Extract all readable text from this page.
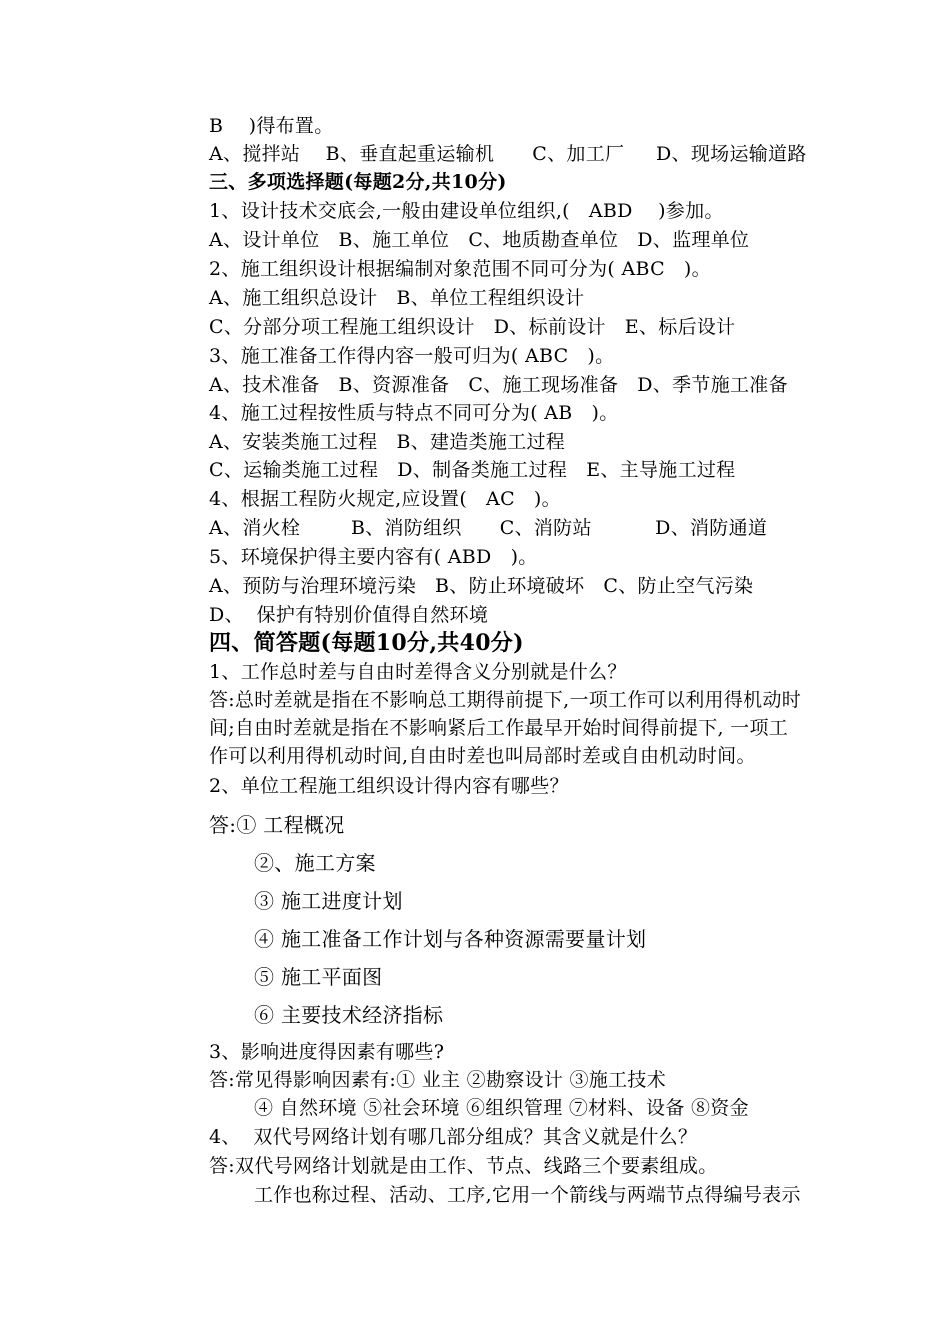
B    )得布置。
A、搅拌站    B、垂直起重运输机      C、加工厂     D、现场运输道路
三、多项选择题(每题2分,共10分)
1、设计技术交底会,一般由建设单位组织,(   ABD    )参加。
A、设计单位   B、施工单位   C、地质勘查单位   D、监理单位
2、施工组织设计根据编制对象范围不同可分为( ABC   )。
A、施工组织总设计   B、单位工程组织设计
C、分部分项工程施工组织设计   D、标前设计   E、标后设计
3、施工准备工作得内容一般可归为( ABC   )。
A、技术准备   B、资源准备   C、施工现场准备   D、季节施工准备
4、施工过程按性质与特点不同可分为( AB   )。
A、安装类施工过程   B、建造类施工过程
C、运输类施工过程   D、制备类施工过程   E、主导施工过程
4、根据工程防火规定,应设置(   AC   )。
A、消火栓        B、消防组织      C、消防站          D、消防通道
5、环境保护得主要内容有( ABD   )。
A、预防与治理环境污染   B、防止环境破坏   C、防止空气污染
D、  保护有特别价值得自然环境
四、简答题(每题10分,共40分)
1、工作总时差与自由时差得含义分别就是什么？
答:总时差就是指在不影响总工期得前提下,一项工作可以利用得机动时
间;自由时差就是指在不影响紧后工作最早开始时间得前提下, 一项工
作可以利用得机动时间,自由时差也叫局部时差或自由机动时间。
2、单位工程施工组织设计得内容有哪些？
答:① 工程概况
②、施工方案
③ 施工进度计划
④ 施工准备工作计划与各种资源需要量计划
⑤ 施工平面图
⑥ 主要技术经济指标
3、影响进度得因素有哪些?
答:常见得影响因素有:① 业主 ②勘察设计 ③施工技术
④ 自然环境 ⑤社会环境 ⑥组织管理 ⑦材料、设备 ⑧资金
4、  双代号网络计划有哪几部分组成？其含义就是什么？
答:双代号网络计划就是由工作、节点、线路三个要素组成。
工作也称过程、活动、工序,它用一个箭线与两端节点得编号表示
